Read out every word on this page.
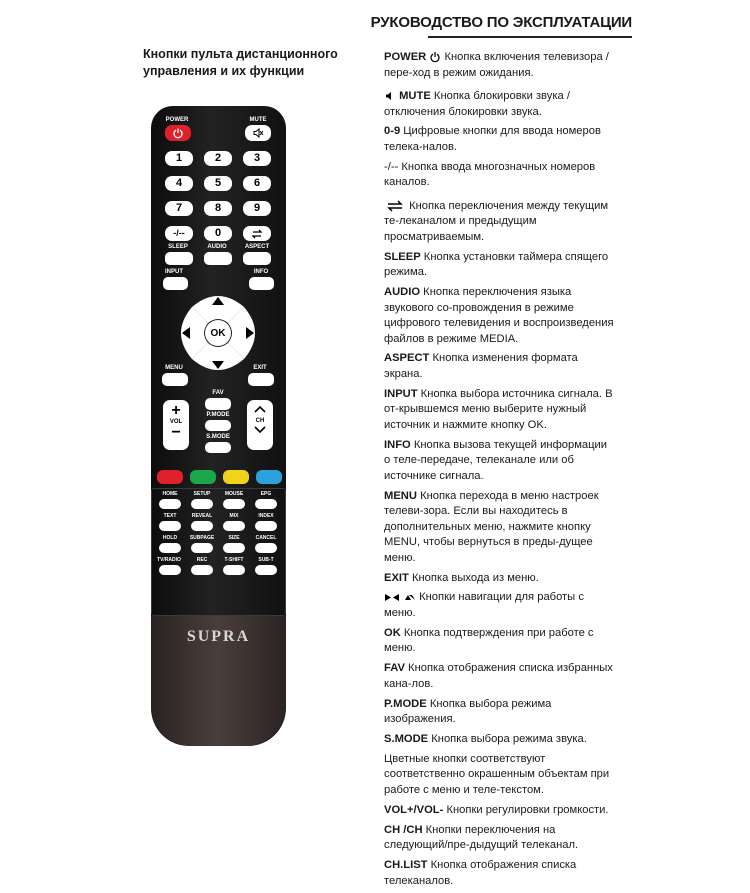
РУКОВОДСТВО ПО ЭКСПЛУАТАЦИИ
Кнопки пульта дистанционного управления и их функции
SUPRA
POWER	MUTE
1	2	3
4	5	6
7	8	9
-/--	0
SLEEP	AUDIO	ASPECT
INPUT	INFO
OK
MENU	EXIT
FAV
+
VOL
−
P.MODE
S.MODE
CH
HOME	SETUP	MOUSE	EPG
TEXT	REVEAL	MIX	INDEX
HOLD	SUBPAGE	SIZE	CANCEL
TV/RADIO	REC	T-SHIFT	SUB-T

POWER Кнопка включения телевизора / пере-ход в режим ожидания.

MUTE Кнопка блокировки звука / отключения блокировки звука.

0-9 Цифровые кнопки для ввода номеров телека-налов.

-/-- Кнопка ввода многозначных номеров каналов.

Кнопка переключения между текущим те-леканалом и предыдущим просматриваемым.

SLEEP Кнопка установки таймера спящего режима.

AUDIO Кнопка переключения языка звукового со-провождения в режиме цифрового телевидения и воспроизведения файлов в режиме MEDIA.

ASPECT Кнопка изменения формата экрана.

INPUT Кнопка выбора источника сигнала. В от-крывшемся меню выберите нужный источник и нажмите кнопку OK.

INFO Кнопка вызова текущей информации о теле-передаче, телеканале или об источнике сигнала.

MENU Кнопка перехода в меню настроек телеви-зора. Если вы находитесь в дополнительных меню, нажмите кнопку MENU, чтобы вернуться в преды-дущее меню.

EXIT Кнопка выхода из меню.

Кнопки навигации для работы с меню.

OK Кнопка подтверждения при работе с меню.

FAV Кнопка отображения списка избранных кана-лов.

P.MODE Кнопка выбора режима изображения.

S.MODE Кнопка выбора режима звука.

Цветные кнопки соответствуют соответственно окрашенным объектам при работе с меню и теле-текстом.

VOL+/VOL- Кнопки регулировки громкости.

CH /CH Кнопки переключения на следующий/пре-дыдущий телеканал.

CH.LIST Кнопка отображения списка телеканалов.
